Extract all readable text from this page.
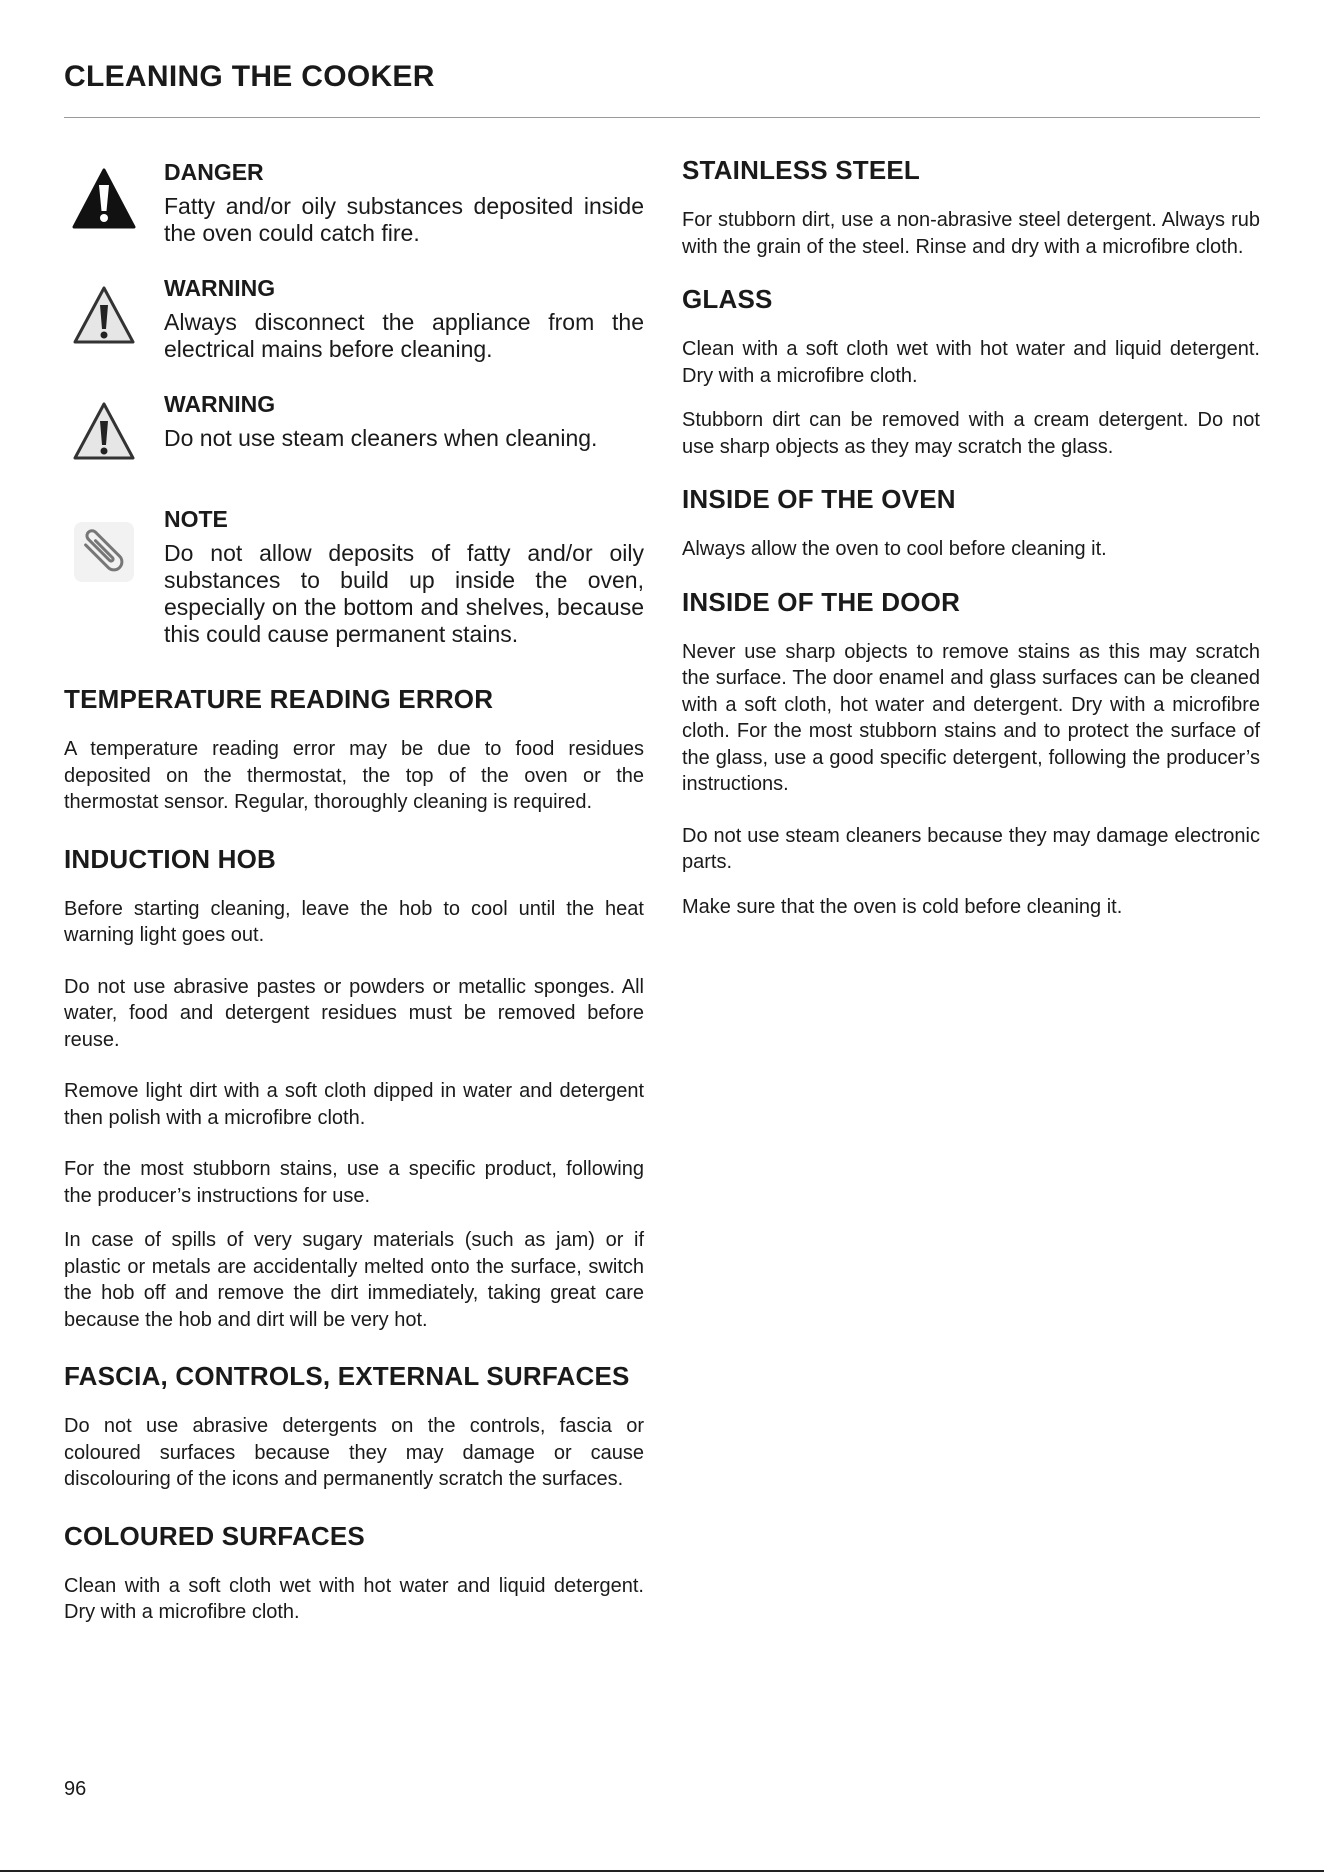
CLEANING THE COOKER

DANGER

Fatty and/or oily substances deposited inside the oven could catch fire.

WARNING

Always disconnect the appliance from the electrical mains before cleaning.

WARNING

Do not use steam cleaners when cleaning.

NOTE

Do not allow deposits of fatty and/or oily substances to build up inside the oven, especially on the bottom and shelves, because this could cause permanent stains.

TEMPERATURE READING ERROR

A temperature reading error may be due to food residues deposited on the thermostat, the top of the oven or the thermostat sensor. Regular, thoroughly cleaning is required.

INDUCTION HOB

Before starting cleaning, leave the hob to cool until the heat warning light goes out.

Do not use abrasive pastes or powders or metallic sponges. All water, food and detergent residues must be removed before reuse.

Remove light dirt with a soft cloth dipped in water and detergent then polish with a microfibre cloth.

For the most stubborn stains, use a specific product, following the producer’s instructions for use.

In case of spills of very sugary materials (such as jam) or if plastic or metals are accidentally melted onto the surface, switch the hob off and remove the dirt immediately, taking great care because the hob and dirt will be very hot.

FASCIA, CONTROLS, EXTERNAL SURFACES

Do not use abrasive detergents on the controls, fascia or coloured surfaces because they may damage or cause discolouring of the icons and permanently scratch the surfaces.

COLOURED SURFACES

Clean with a soft cloth wet with hot water and liquid detergent. Dry with a microfibre cloth.

STAINLESS STEEL

For stubborn dirt, use a non-abrasive steel detergent. Always rub with the grain of the steel. Rinse and dry with a microfibre cloth.

GLASS

Clean with a soft cloth wet with hot water and liquid detergent. Dry with a microfibre cloth.

Stubborn dirt can be removed with a cream detergent. Do not use sharp objects as they may scratch the glass.

INSIDE OF THE OVEN

Always allow the oven to cool before cleaning it.

INSIDE OF THE DOOR

Never use sharp objects to remove stains as this may scratch the surface. The door enamel and glass surfaces can be cleaned with a soft cloth, hot water and detergent. Dry with a microfibre cloth. For the most stubborn stains and to protect the surface of the glass, use a good specific detergent, following the producer’s instructions.

Do not use steam cleaners because they may damage electronic parts.

Make sure that the oven is cold before cleaning it.

96
